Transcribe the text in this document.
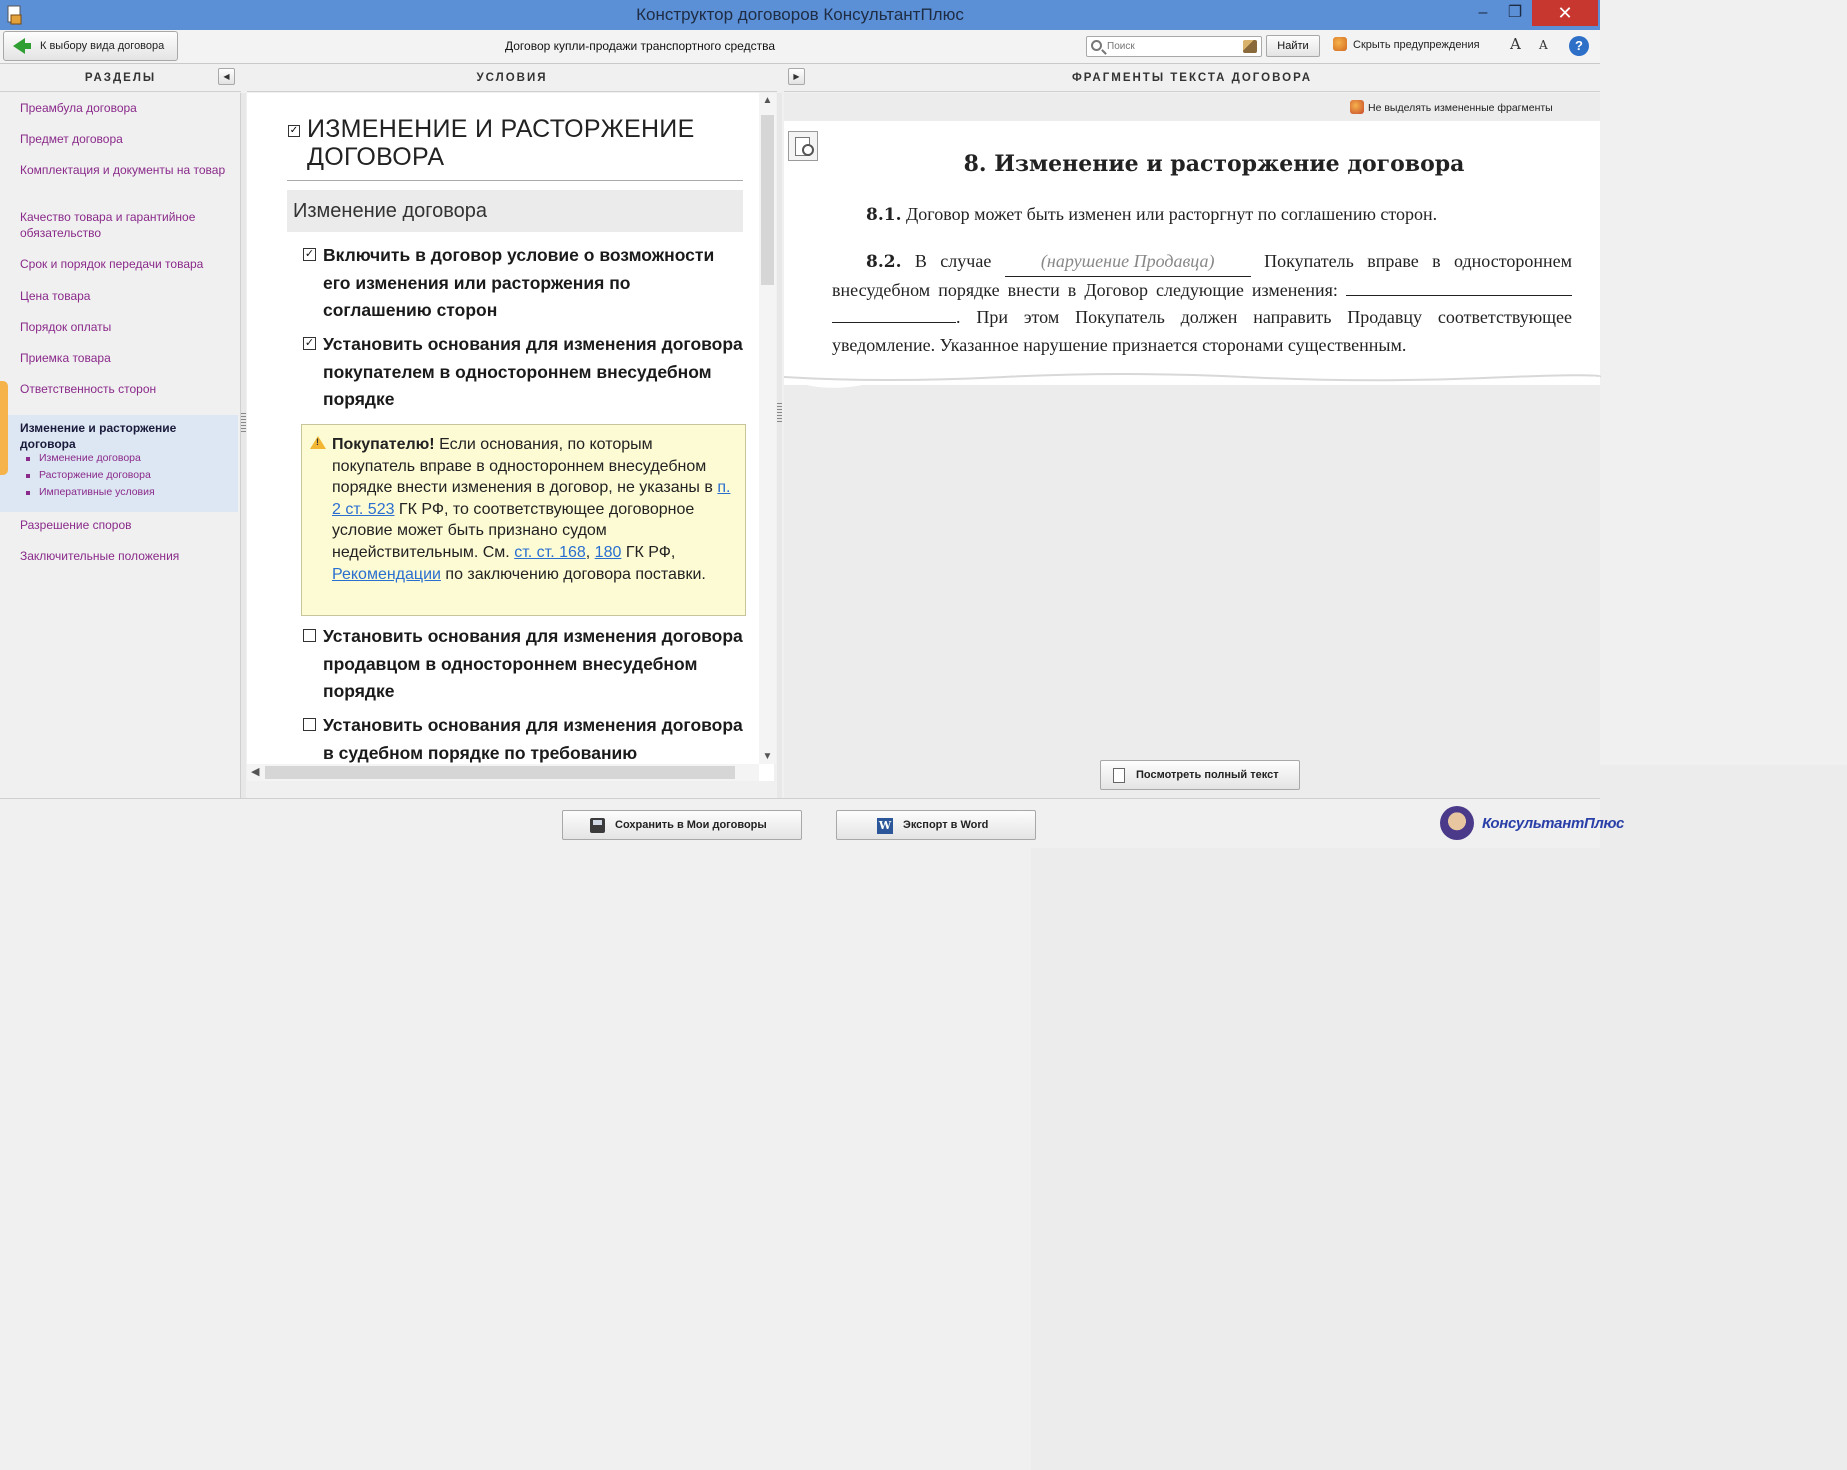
Конструктор договоров КонсультантПлюс	–	❐	✕
К выбору вида договора	Договор купли-продажи транспортного средства
Поиск	Найти	Скрыть предупреждения A A	?
РАЗДЕЛЫ	◀	УСЛОВИЯ	ФРАГМЕНТЫ ТЕКСТА ДОГОВОРА
▶
Преамбула договора
Предмет договора
Комплектация и документы на товар
Качество товара и гарантийное обязательство
Срок и порядок передачи товара
Цена товара
Порядок оплаты
Приемка товара
Ответственность сторон
Изменение и расторжение договора
Изменение договора
Расторжение договора
Императивные условия
Разрешение споров
Заключительные положения
✓ ИЗМЕНЕНИЕ И РАСТОРЖЕНИЕ ДОГОВОРА
Изменение договора
✓ Включить в договор условие о возможности его изменения или расторжения по соглашению сторон
✓ Установить основания для изменения договора покупателем в одностороннем внесудебном порядке
!
Покупателю! Если основания, по которым покупатель вправе в одностороннем внесудебном порядке внести изменения в договор, не указаны в п. 2 ст. 523 ГК РФ, то соответствующее договорное условие может быть признано судом недействительным. См. ст. ст. 168, 180 ГК РФ, Рекомендации по заключению договора поставки.
Установить основания для изменения договора продавцом в одностороннем внесудебном порядке
Установить основания для изменения договора в судебном порядке по требованию
▲
▼
◀
Не выделять измененные фрагменты
8. Изменение и расторжение договора
8.1. Договор может быть изменен или расторгнут по соглашению сторон.
8.2. В случае (нарушение Продавца) Покупатель вправе в одностороннем внесудебном порядке внести в Договор следующие изменения:  . При этом Покупатель должен направить Продавцу соответствующее уведомление. Указанное нарушение признается сторонами существенным.
Посмотреть полный текст
Сохранить в Мои договоры	W Экспорт в Word	КонсультантПлюс
